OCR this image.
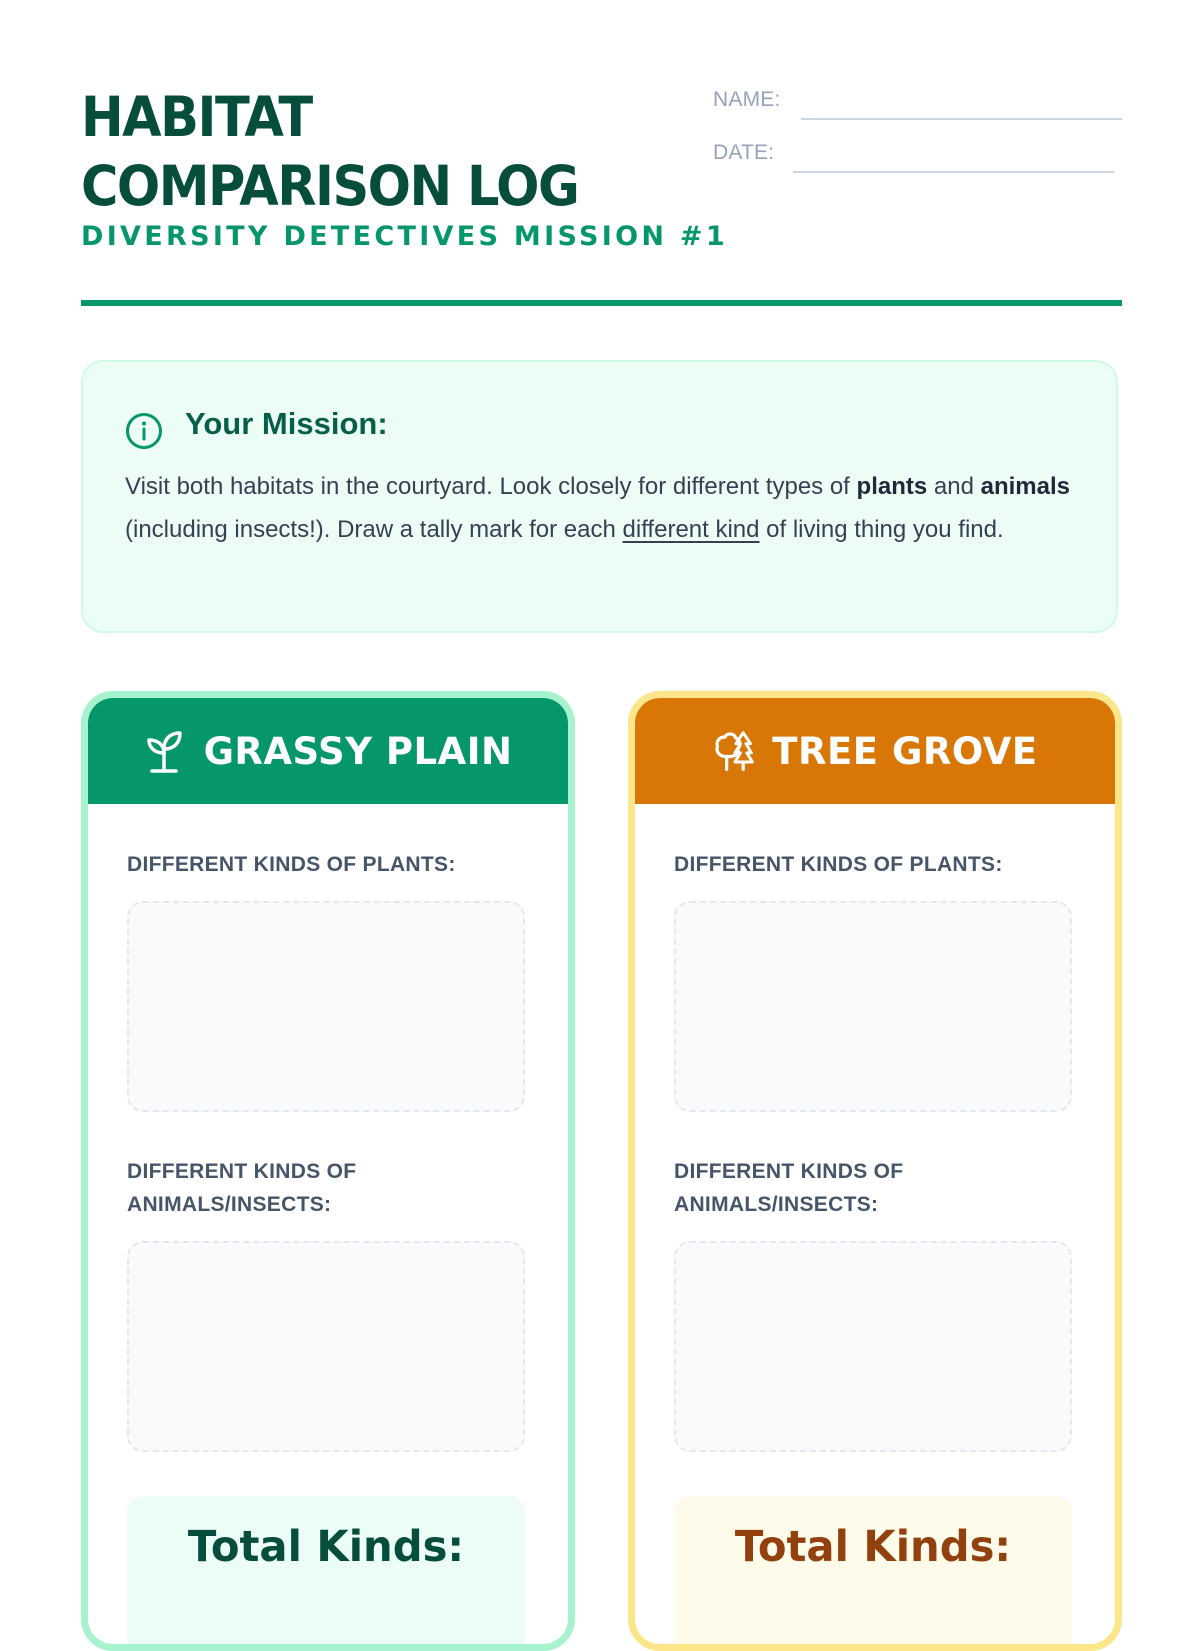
HABITAT
COMPARISON LOG
DIVERSITY DETECTIVES MISSION #1
NAME:
DATE:
Your Mission:
Visit both habitats in the courtyard. Look closely for different types of plants and animals (including insects!). Draw a tally mark for each different kind of living thing you find.
GRASSY PLAIN
DIFFERENT KINDS OF PLANTS:
DIFFERENT KINDS OF
ANIMALS/INSECTS:
Total Kinds:
TREE GROVE
DIFFERENT KINDS OF PLANTS:
DIFFERENT KINDS OF
ANIMALS/INSECTS:
Total Kinds:
